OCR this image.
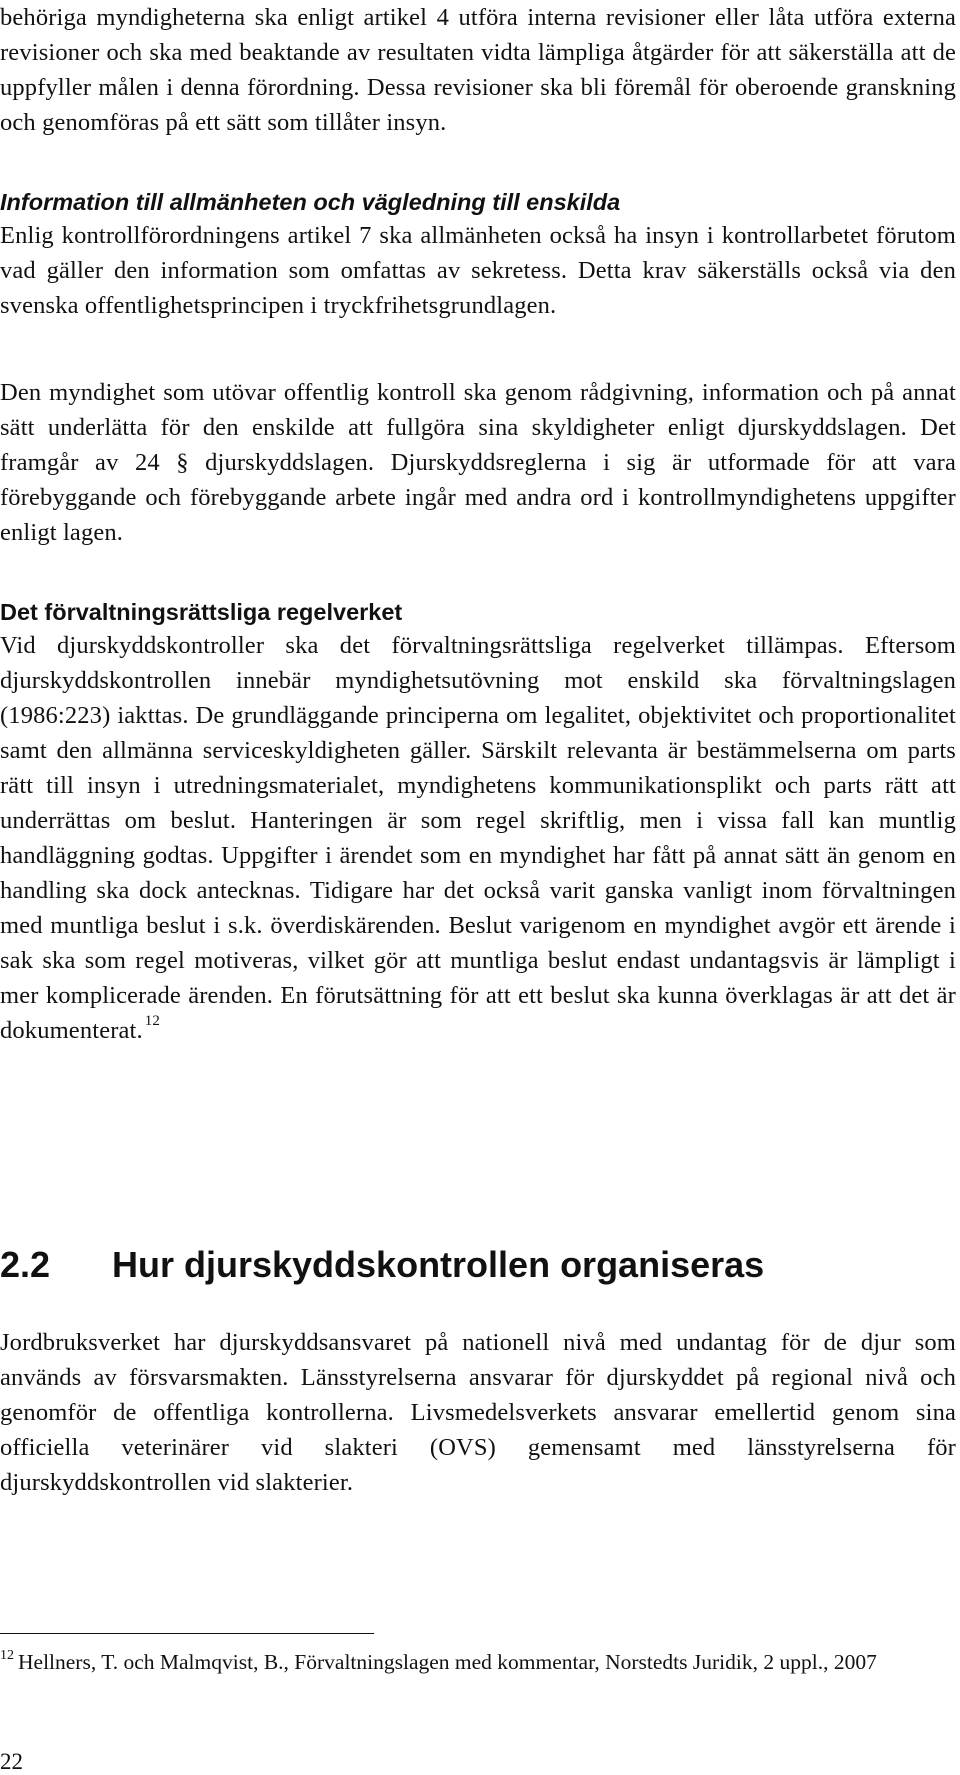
behöriga myndigheterna ska enligt artikel 4 utföra interna revisioner eller låta utföra externa revisioner och ska med beaktande av resultaten vidta lämpliga åtgärder för att säkerställa att de uppfyller målen i denna förordning. Dessa revisioner ska bli föremål för oberoende granskning och genomföras på ett sätt som tillåter insyn.

Information till allmänheten och vägledning till enskilda

Enlig kontrollförordningens artikel 7 ska allmänheten också ha insyn i kontrollarbetet förutom vad gäller den information som omfattas av sekretess. Detta krav säkerställs också via den svenska offentlighetsprincipen i tryckfrihetsgrundlagen.

Den myndighet som utövar offentlig kontroll ska genom rådgivning, information och på annat sätt underlätta för den enskilde att fullgöra sina skyldigheter enligt djurskyddslagen. Det framgår av 24 § djurskyddslagen. Djurskyddsreglerna i sig är utformade för att vara förebyggande och förebyggande arbete ingår med andra ord i kontrollmyndighetens uppgifter enligt lagen.

Det förvaltningsrättsliga regelverket

Vid djurskyddskontroller ska det förvaltningsrättsliga regelverket tillämpas. Eftersom djurskyddskontrollen innebär myndighetsutövning mot enskild ska förvaltningslagen (1986:223) iakttas. De grundläggande principerna om legalitet, objektivitet och proportionalitet samt den allmänna serviceskyldigheten gäller. Särskilt relevanta är bestämmelserna om parts rätt till insyn i utredningsmaterialet, myndighetens kommunikationsplikt och parts rätt att underrättas om beslut. Hanteringen är som regel skriftlig, men i vissa fall kan muntlig handläggning godtas. Uppgifter i ärendet som en myndighet har fått på annat sätt än genom en handling ska dock antecknas. Tidigare har det också varit ganska vanligt inom förvaltningen med muntliga beslut i s.k. överdiskärenden. Beslut varigenom en myndighet avgör ett ärende i sak ska som regel motiveras, vilket gör att muntliga beslut endast undantagsvis är lämpligt i mer komplicerade ärenden. En förutsättning för att ett beslut ska kunna överklagas är att det är dokumenterat. $^{12}$

2.2 Hur djurskyddskontrollen organiseras

Jordbruksverket har djurskyddsansvaret på nationell nivå med undantag för de djur som används av försvarsmakten. Länsstyrelserna ansvarar för djurskyddet på regional nivå och genomför de offentliga kontrollerna. Livsmedelsverkets ansvarar emellertid genom sina officiella veterinärer vid slakteri (OVS) gemensamt med länsstyrelserna för djurskyddskontrollen vid slakterier.

$^{12}$ Hellners, T. och Malmqvist, B., Förvaltningslagen med kommentar, Norstedts Juridik, 2 uppl., 2007

22
